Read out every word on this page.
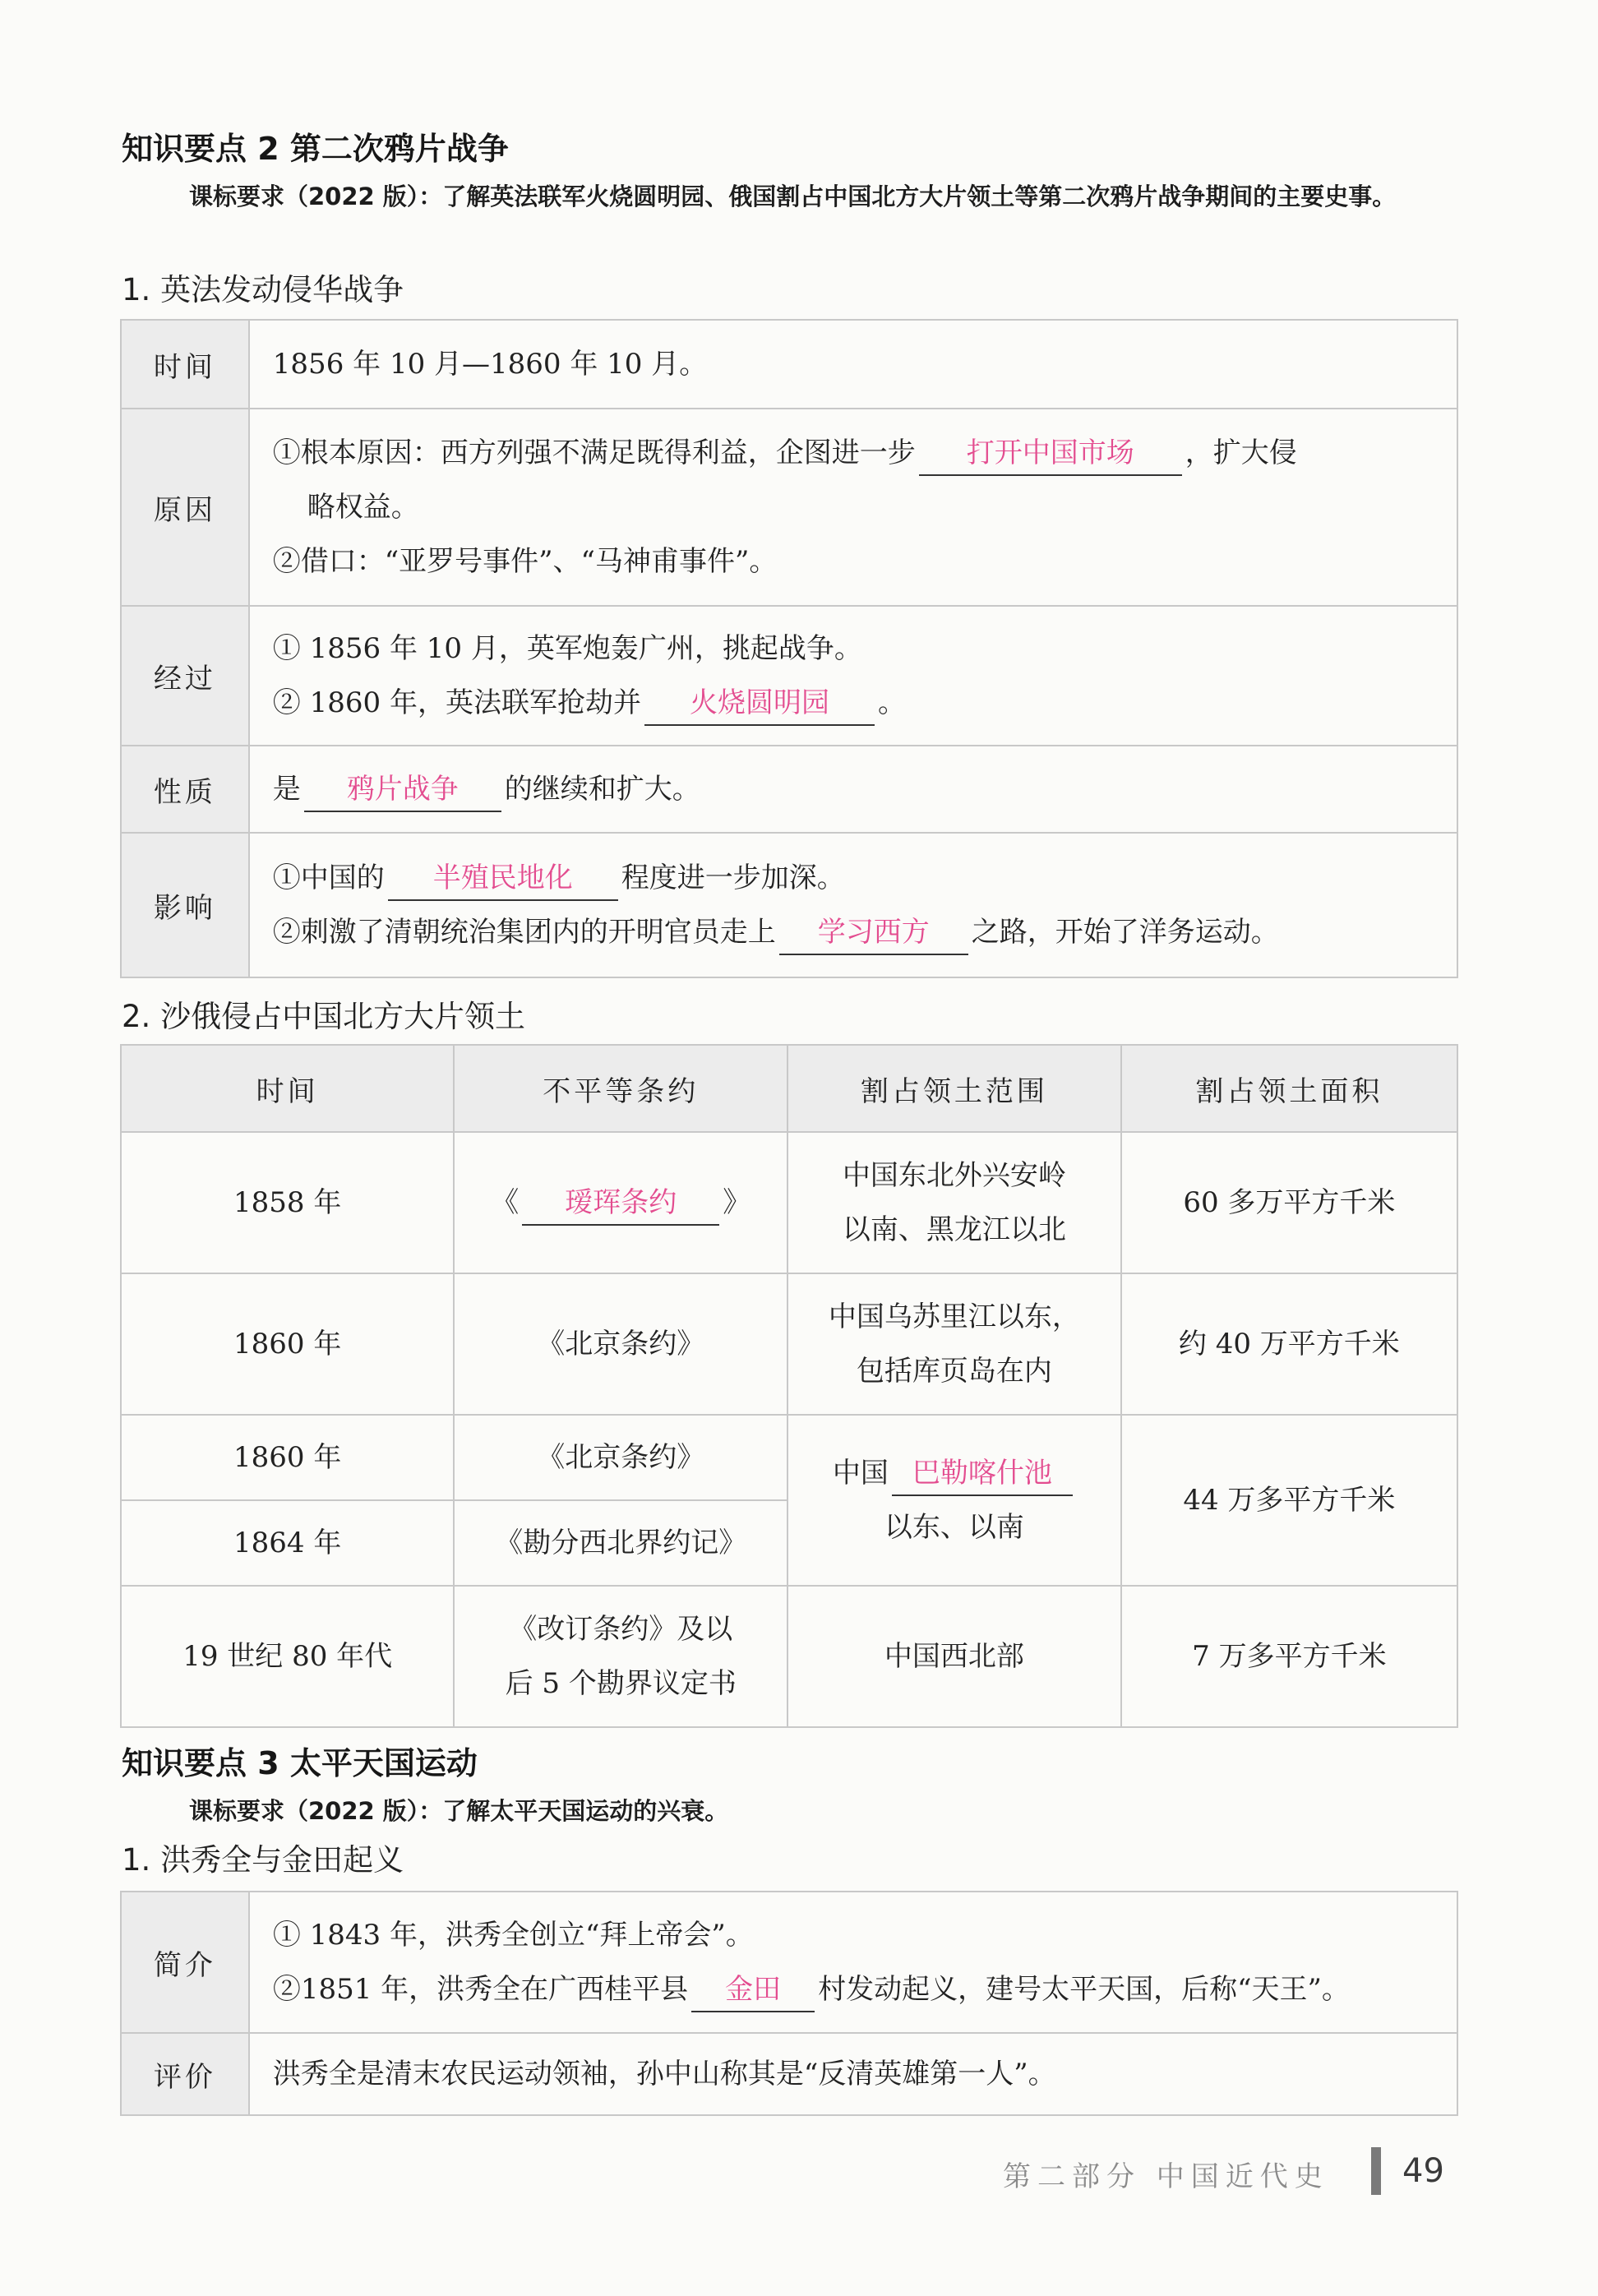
知识要点 2 第二次鸦片战争
课标要求（2022 版）：了解英法联军火烧圆明园、俄国割占中国北方大片领土等第二次鸦片战争期间的主要史事。
1. 英法发动侵华战争
时间	1856 年 10 月—1860 年 10 月。
原因	①根本原因：西方列强不满足既得利益，企图进一步 打开中国市场 ，扩大侵
略权益。
②借口：“亚罗号事件”、“马神甫事件”。

经过	① 1856 年 10 月，英军炮轰广州，挑起战争。
② 1860 年，英法联军抢劫并 火烧圆明园 。

性质	是 鸦片战争 的继续和扩大。
影响	①中国的 半殖民地化 程度进一步加深。
②刺激了清朝统治集团内的开明官员走上 学习西方 之路，开始了洋务运动。
2. 沙俄侵占中国北方大片领土
时间	不平等条约	割占领土范围	割占领土面积
1858 年	《 瑷珲条约 》	中国东北外兴安岭
以南、黑龙江以北	60 多万平方千米
1860 年	《北京条约》	中国乌苏里江以东，
包括库页岛在内	约 40 万平方千米
1860 年	《北京条约》	中国 巴勒喀什池
以东、以南	44 万多平方千米
1864 年	《勘分西北界约记》		
19 世纪 80 年代	《改订条约》及以
后 5 个勘界议定书	中国西北部	7 万多平方千米
知识要点 3 太平天国运动
课标要求（2022 版）：了解太平天国运动的兴衰。
1. 洪秀全与金田起义
简介	① 1843 年，洪秀全创立“拜上帝会”。
②1851 年，洪秀全在广西桂平县 金田 村发动起义，建号太平天国，后称“天王”。

评价	洪秀全是清末农民运动领袖，孙中山称其是“反清英雄第一人”。
第二部分 中国近代史 49
